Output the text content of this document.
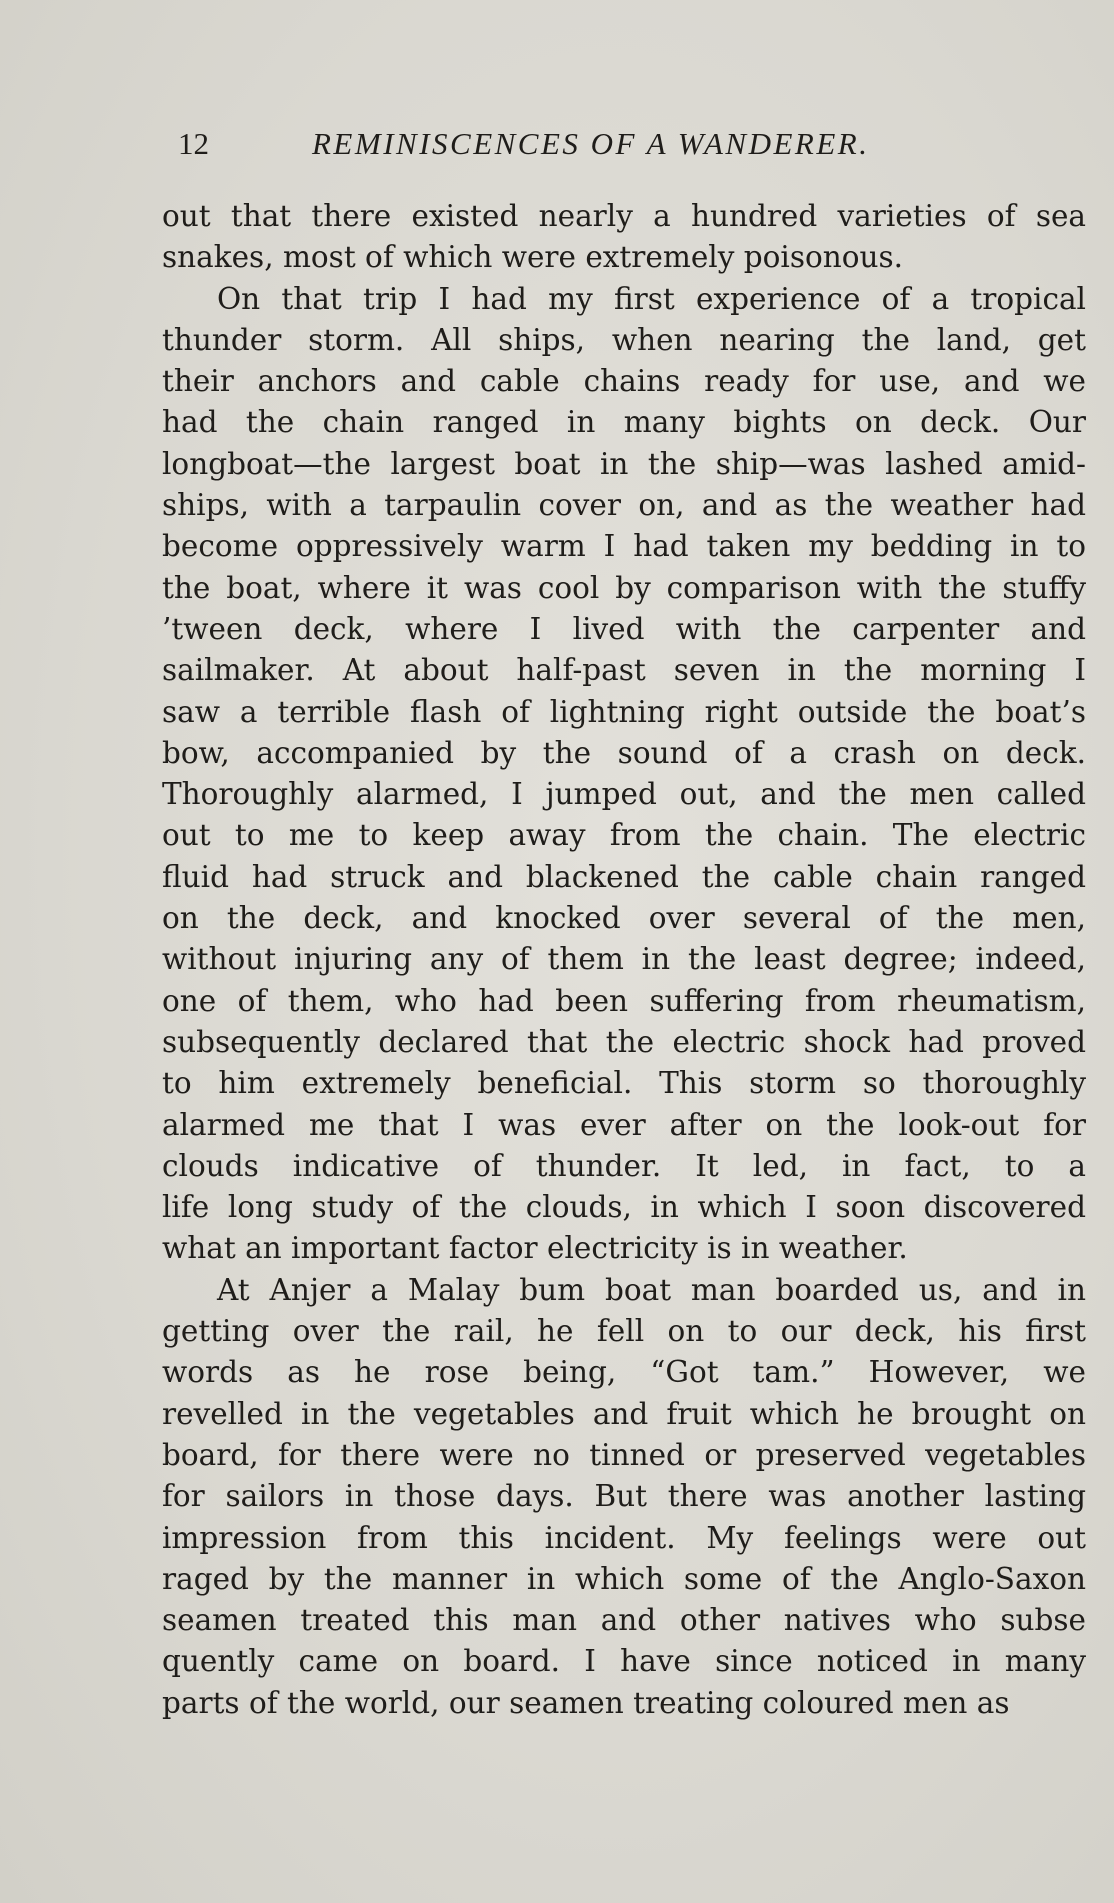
12	REMINISCENCES OF A WANDERER.
out that there existed nearly a hundred varieties of sea
snakes, most of which were extremely poisonous.
On that trip I had my first experience of a tropical
thunder storm. All ships, when nearing the land, get
their anchors and cable chains ready for use, and we
had the chain ranged in many bights on deck. Our
longboat—the largest boat in the ship—was lashed amid-
ships, with a tarpaulin cover on, and as the weather had
become oppressively warm I had taken my bedding in to
the boat, where it was cool by comparison with the stuffy
’tween deck, where I lived with the carpenter and
sailmaker. At about half-past seven in the morning I
saw a terrible flash of lightning right outside the boat’s
bow, accompanied by the sound of a crash on deck.
Thoroughly alarmed, I jumped out, and the men called
out to me to keep away from the chain. The electric
fluid had struck and blackened the cable chain ranged
on the deck, and knocked over several of the men,
without injuring any of them in the least degree; indeed,
one of them, who had been suffering from rheumatism,
subsequently declared that the electric shock had proved
to him extremely beneficial. This storm so thoroughly
alarmed me that I was ever after on the look-out for
clouds indicative of thunder. It led, in fact, to a
life long study of the clouds, in which I soon discovered
what an important factor electricity is in weather.
At Anjer a Malay bum boat man boarded us, and in
getting over the rail, he fell on to our deck, his first
words as he rose being, “Got tam.” However, we
revelled in the vegetables and fruit which he brought on
board, for there were no tinned or preserved vegetables
for sailors in those days. But there was another lasting
impression from this incident. My feelings were out
raged by the manner in which some of the Anglo-Saxon
seamen treated this man and other natives who subse
quently came on board. I have since noticed in many
parts of the world, our seamen treating coloured men as
